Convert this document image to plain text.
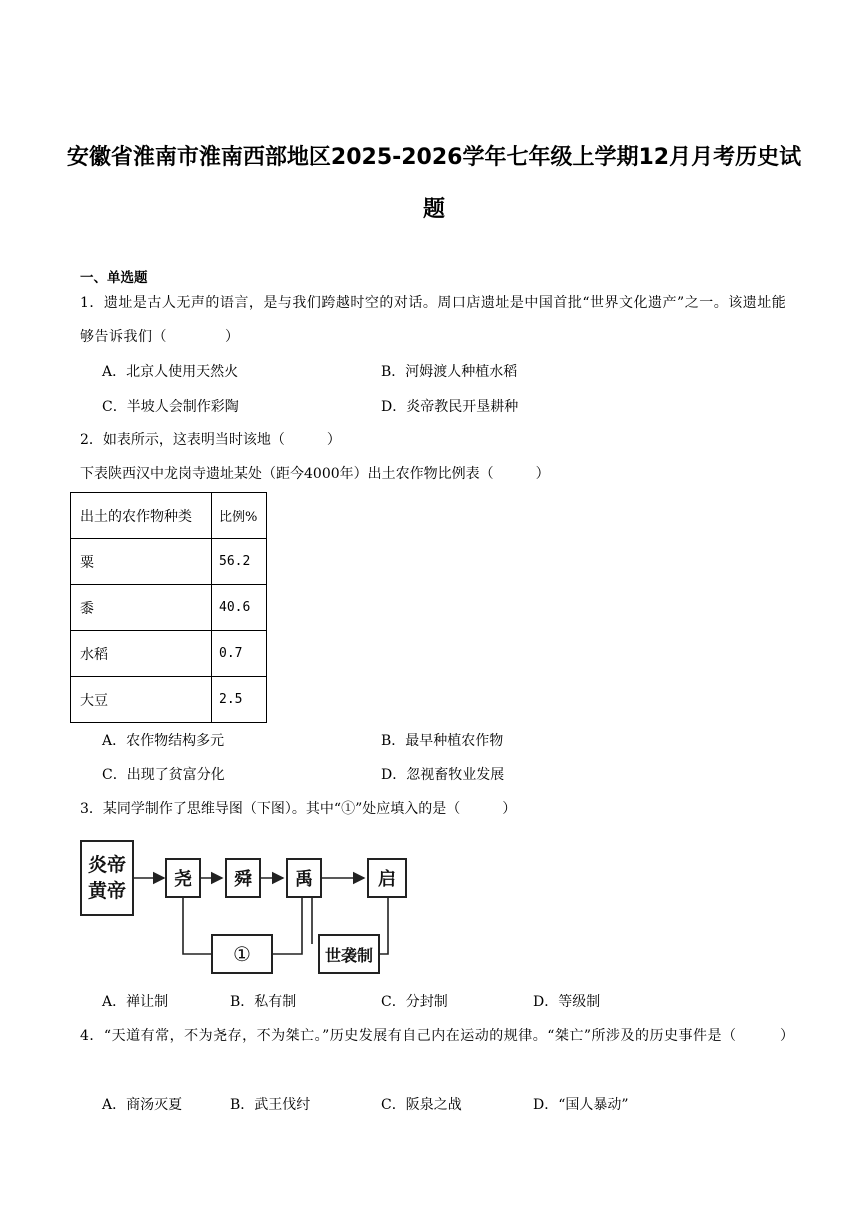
安徽省淮南市淮南西部地区2025-2026学年七年级上学期12月月考历史试题
一、单选题
1．遗址是古人无声的语言，是与我们跨越时空的对话。周口店遗址是中国首批“世界文化遗产”之一。该遗址能够告诉我们（　　　　）
A．北京人使用天然火	B．河姆渡人种植水稻
C．半坡人会制作彩陶	D．炎帝教民开垦耕种
2．如表所示，这表明当时该地（　　　）
下表陕西汉中龙岗寺遗址某处（距今4000年）出土农作物比例表（　　　）
出土的农作物种类	比例%
粟	56.2
黍	40.6
水稻	0.7
大豆	2.5
A．农作物结构多元	B．最早种植农作物
C．出现了贫富分化	D．忽视畜牧业发展
3．某同学制作了思维导图（下图）。其中“①”处应填入的是（　　　）
炎帝
黄帝
尧	舜	禹	启
①	世袭制
A．禅让制	B．私有制	C．分封制	D．等级制
4．“天道有常，不为尧存，不为桀亡。”历史发展有自己内在运动的规律。“桀亡”所涉及的历史事件是（　　　）
A．商汤灭夏	B．武王伐纣	C．阪泉之战	D．“国人暴动”
